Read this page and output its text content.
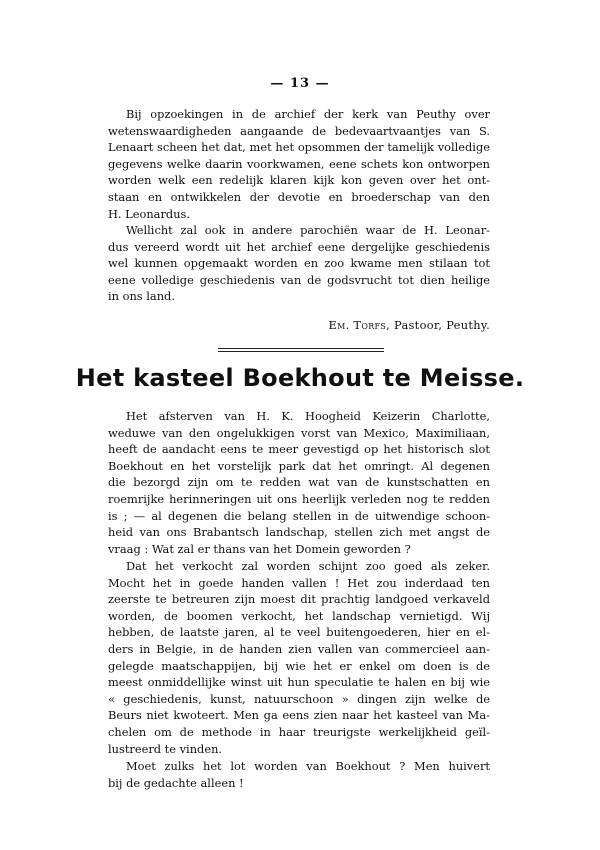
— 13 —
Bij opzoekingen in de archief der kerk van Peuthy over
wetenswaardigheden aangaande de bedevaartvaantjes van S.
Lenaart scheen het dat, met het opsommen der tamelijk volledige
gegevens welke daarin voorkwamen, eene schets kon ontworpen
worden welk een redelijk klaren kijk kon geven over het ont-
staan en ontwikkelen der devotie en broederschap van den
H. Leonardus.
Wellicht zal ook in andere parochiën waar de H. Leonar-
dus vereerd wordt uit het archief eene dergelijke geschiedenis
wel kunnen opgemaakt worden en zoo kwame men stilaan tot
eene volledige geschiedenis van de godsvrucht tot dien heilige
in ons land.
Em. Torfs, Pastoor, Peuthy.
Het kasteel Boekhout te Meisse.
Het afsterven van H. K. Hoogheid Keizerin Charlotte,
weduwe van den ongelukkigen vorst van Mexico, Maximiliaan,
heeft de aandacht eens te meer gevestigd op het historisch slot
Boekhout en het vorstelijk park dat het omringt. Al degenen
die bezorgd zijn om te redden wat van de kunstschatten en
roemrijke herinneringen uit ons heerlijk verleden nog te redden
is ; — al degenen die belang stellen in de uitwendige schoon-
heid van ons Brabantsch landschap, stellen zich met angst de
vraag : Wat zal er thans van het Domein geworden ?
Dat het verkocht zal worden schijnt zoo goed als zeker.
Mocht het in goede handen vallen ! Het zou inderdaad ten
zeerste te betreuren zijn moest dit prachtig landgoed verkaveld
worden, de boomen verkocht, het landschap vernietigd. Wij
hebben, de laatste jaren, al te veel buitengoederen, hier en el-
ders in Belgie, in de handen zien vallen van commercieel aan-
gelegde maatschappijen, bij wie het er enkel om doen is de
meest onmiddellijke winst uit hun speculatie te halen en bij wie
« geschiedenis, kunst, natuurschoon » dingen zijn welke de
Beurs niet kwoteert. Men ga eens zien naar het kasteel van Ma-
chelen om de methode in haar treurigste werkelijkheid geïl-
lustreerd te vinden.
Moet zulks het lot worden van Boekhout ? Men huivert
bij de gedachte alleen !
